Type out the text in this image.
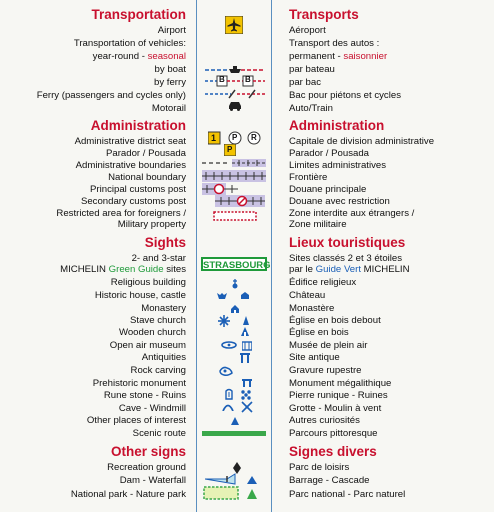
Transportation
Airport
Transportation of vehicles:
year-round - seasonal
by boat
by ferry
Ferry (passengers and cycles only)
Motorail
Administration
Administrative district seat
Parador / Pousada
Administrative boundaries
National boundary
Principal customs post
Secondary customs post
Restricted area for foreigners /
Military property
Sights
2- and 3-star
MICHELIN Green Guide sites
Religious building
Historic house, castle
Monastery
Stave church
Wooden church
Open air museum
Antiquities
Rock carving
Prehistoric monument
Rune stone - Ruins
Cave - Windmill
Other places of interest
Scenic route
Other signs
Recreation ground
Dam - Waterfall
National park - Nature park
B	B
1 P R
P
STRASBOURG
Transports
Aéroport
Transport des autos :
permanent - saisonnier
par bateau
par bac
Bac pour piétons et cycles
Auto/Train
Administration
Capitale de division administrative
Parador / Pousada
Limites administratives
Frontière
Douane principale
Douane avec restriction
Zone interdite aux étrangers /
Zone militaire
Lieux touristiques
Sites classés 2 et 3 étoiles
par le Guide Vert MICHELIN
Édifice religieux
Château
Monastère
Église en bois debout
Église en bois
Musée de plein air
Site antique
Gravure rupestre
Monument mégalithique
Pierre runique - Ruines
Grotte - Moulin à vent
Autres curiosités
Parcours pittoresque
Signes divers
Parc de loisirs
Barrage - Cascade
Parc national - Parc naturel
